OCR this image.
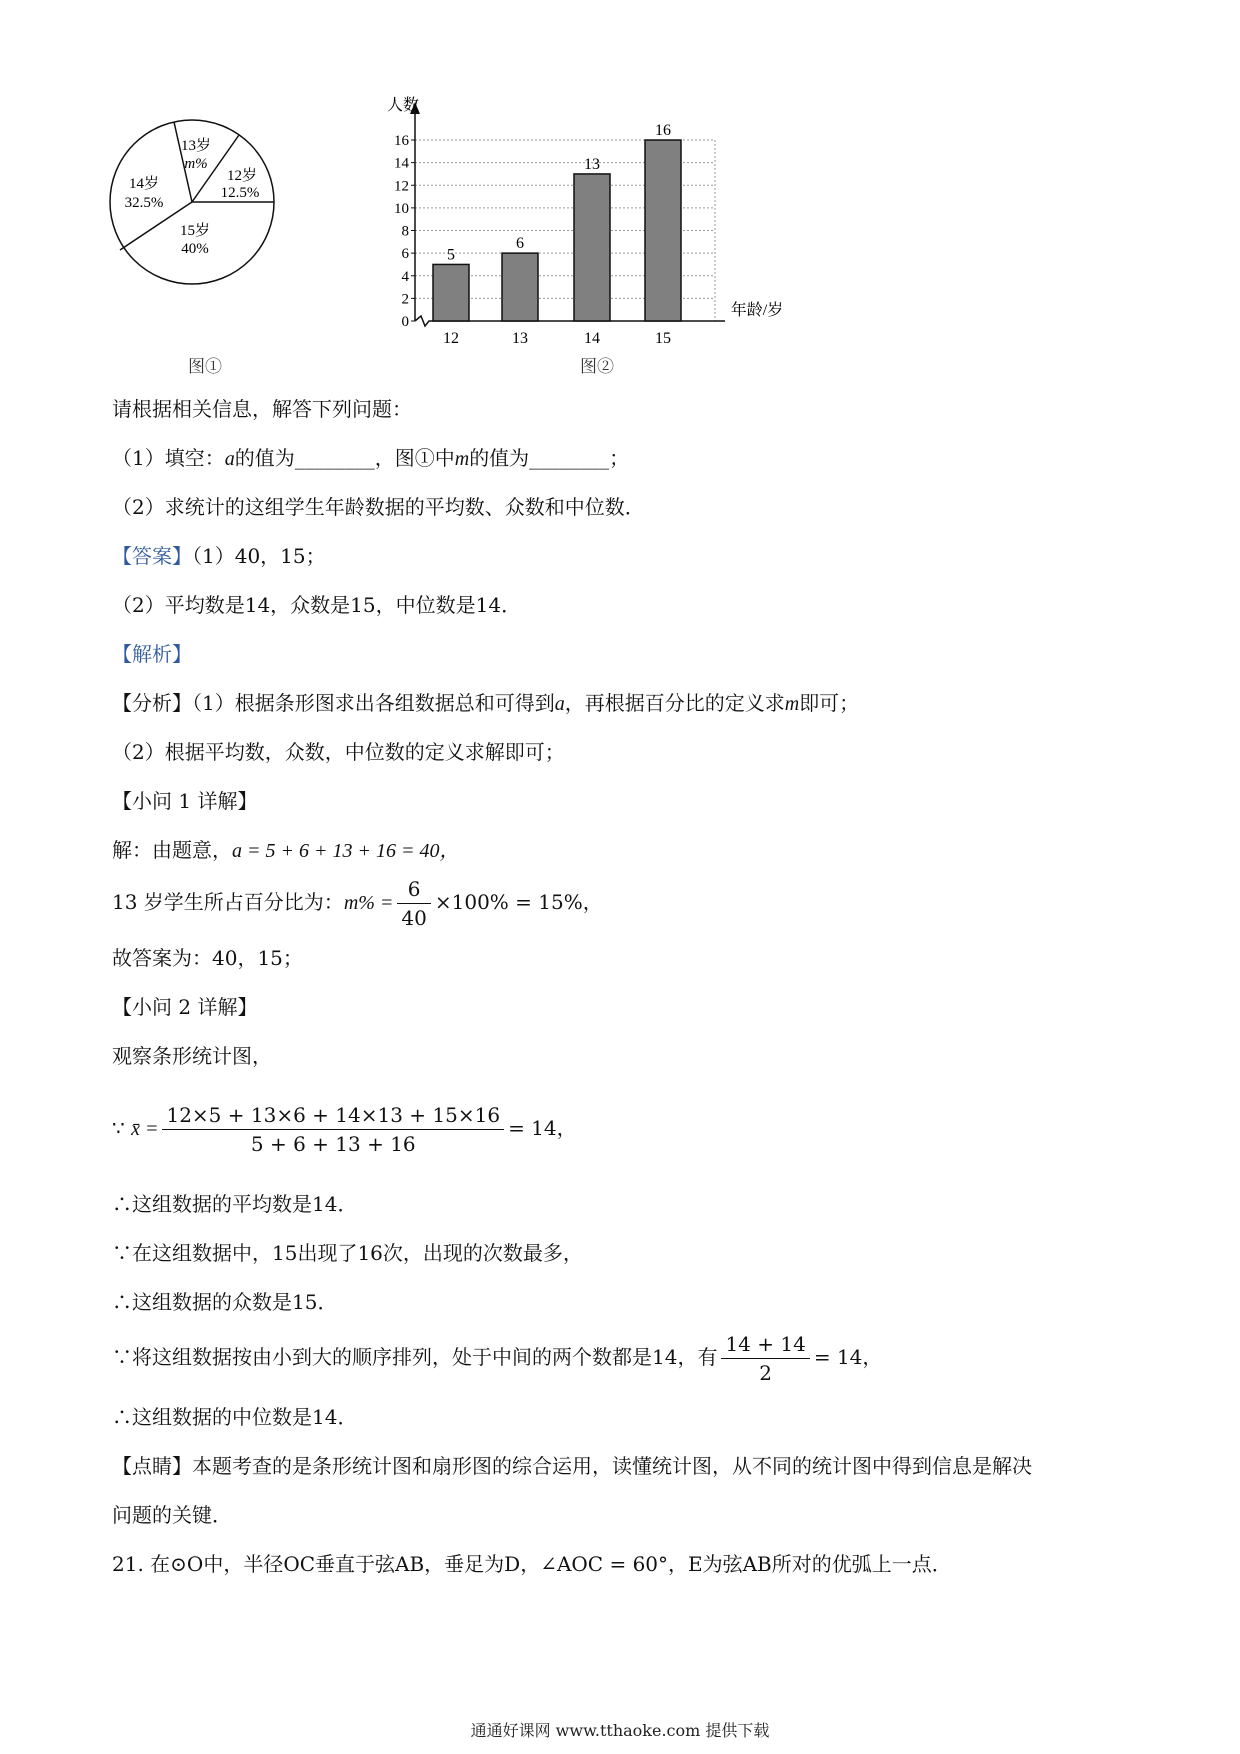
13岁
m%
12岁
12.5%
15岁
40%
14岁
32.5%
图①
0
2
4
6
8
10
12
14
16
人数
年龄/岁
5
12
6
13
13
14
16
15
图②
请根据相关信息，解答下列问题：
（1）填空：a的值为________，图①中m的值为________；
（2）求统计的这组学生年龄数据的平均数、众数和中位数．
【答案】（1）40，15；
（2）平均数是14，众数是15，中位数是14．
【解析】
【分析】（1）根据条形图求出各组数据总和可得到a，再根据百分比的定义求m即可；
（2）根据平均数，众数，中位数的定义求解即可；
【小问 1 详解】
解：由题意，a = 5 + 6 + 13 + 16 = 40，
13 岁学生所占百分比为：$m\% = \frac{6}{40} \times 100\% = 15\%$，
故答案为：40，15；
【小问 2 详解】
观察条形统计图，
∵ x̄ = $\frac{12\times 5 + 13\times 6 + 14\times 13 + 15\times 16}{5 + 6 + 13 + 16} = 14$，
∴这组数据的平均数是14．
∵在这组数据中，15出现了16次，出现的次数最多，
∴这组数据的众数是15．
∵将这组数据按由小到大的顺序排列，处于中间的两个数都是14，有 $\frac{14 + 14}{2} = 14$，
∴这组数据的中位数是14．
【点睛】本题考查的是条形统计图和扇形图的综合运用，读懂统计图，从不同的统计图中得到信息是解决
问题的关键．
21. 在⊙O中，半径OC垂直于弦AB，垂足为D，∠AOC = 60°，E为弦AB所对的优弧上一点．
通通好课网 www.tthaoke.com 提供下载
